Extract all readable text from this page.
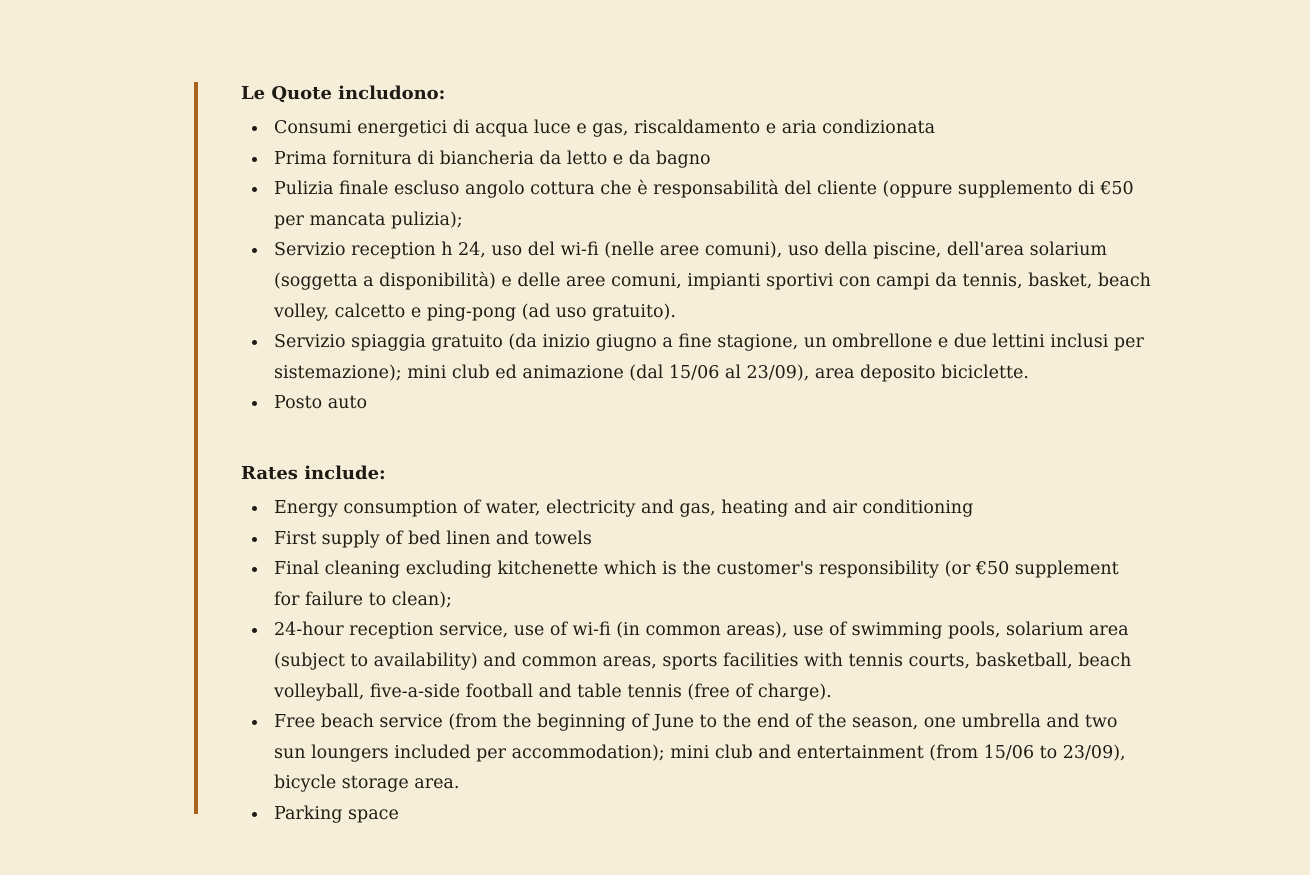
Le Quote includono:
Consumi energetici di acqua luce e gas, riscaldamento e aria condizionata
Prima fornitura di biancheria da letto e da bagno
Pulizia finale escluso angolo cottura che è responsabilità del cliente (oppure supplemento di €50
per mancata pulizia);
Servizio reception h 24, uso del wi-fi (nelle aree comuni), uso della piscine, dell'area solarium
(soggetta a disponibilità) e delle aree comuni, impianti sportivi con campi da tennis, basket, beach
volley, calcetto e ping-pong (ad uso gratuito).
Servizio spiaggia gratuito (da inizio giugno a fine stagione, un ombrellone e due lettini inclusi per
sistemazione); mini club ed animazione (dal 15/06 al 23/09), area deposito biciclette.
Posto auto
Rates include:
Energy consumption of water, electricity and gas, heating and air conditioning
First supply of bed linen and towels
Final cleaning excluding kitchenette which is the customer's responsibility (or €50 supplement
for failure to clean);
24-hour reception service, use of wi-fi (in common areas), use of swimming pools, solarium area
(subject to availability) and common areas, sports facilities with tennis courts, basketball, beach
volleyball, five-a-side football and table tennis (free of charge).
Free beach service (from the beginning of June to the end of the season, one umbrella and two
sun loungers included per accommodation); mini club and entertainment (from 15/06 to 23/09),
bicycle storage area.
Parking space
